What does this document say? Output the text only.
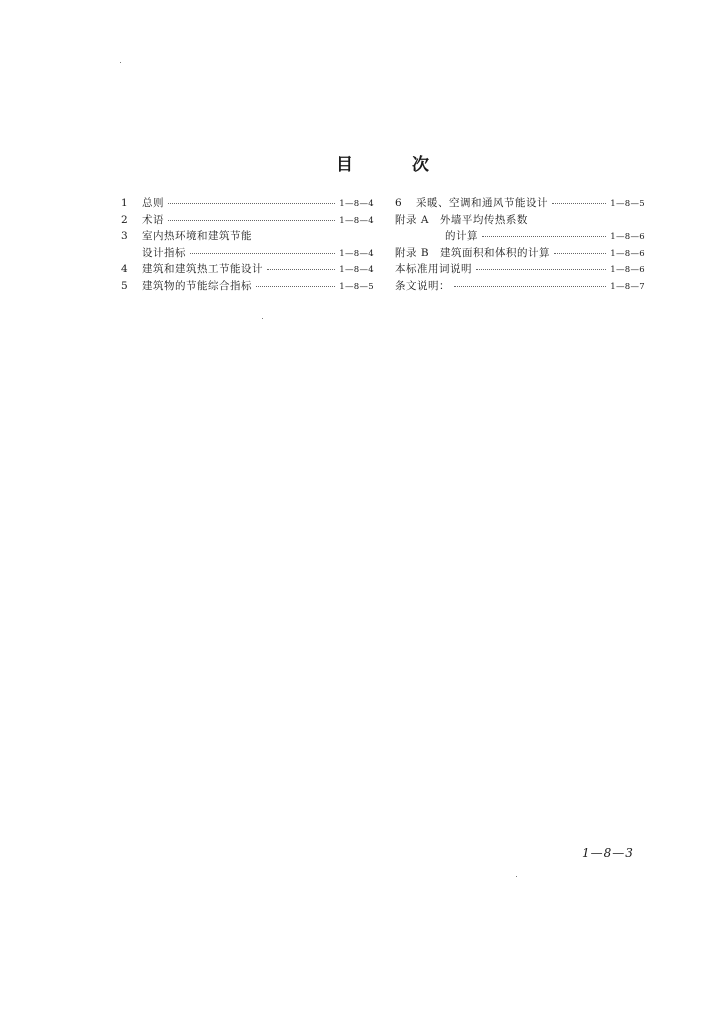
目	次
1	总则	1—8—4
2	术语	1—8—4
3	室内热环境和建筑节能
设计指标	1—8—4
4	建筑和建筑热工节能设计	1—8—4
5	建筑物的节能综合指标	1—8—5
6	采暖、空调和通风节能设计	1—8—5
附录 A　外墙平均传热系数
的计算	1—8—6
附录 B　建筑面积和体积的计算	1—8—6
本标准用词说明	1—8—6
条文说明：	1—8—7
1—8—3
